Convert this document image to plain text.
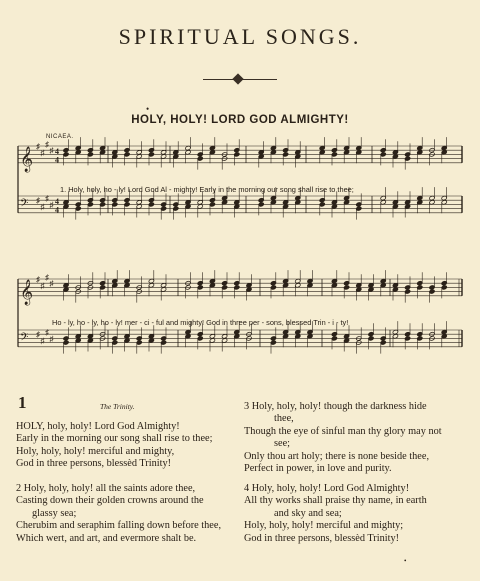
SPIRITUAL SONGS.
•
HOLY, HOLY! LORD GOD ALMIGHTY!
NICAEA.
𝄞
♯
♯
♯
♯ 4
4
𝄢 ♯
♯
♯
♯ 4
4
𝄞
♯
♯
♯
♯
𝄢 ♯
♯
♯
♯
1. Holy, holy, ho - ly! Lord God Al - mighty! Early in the morning our song shall rise to thee;
Ho - ly, ho - ly, ho - ly! mer - ci - ful and mighty! God in three per - sons, blessed Trin - i - ty!
1	The Trinity.
HOLY, holy, holy! Lord God Almighty!
Early in the morning our song shall rise to thee;
Holy, holy, holy! merciful and mighty,
God in three persons, blessèd Trinity!
2 Holy, holy, holy! all the saints adore thee,
Casting down their golden crowns around the
glassy sea;
Cherubim and seraphim falling down before thee,
Which wert, and art, and evermore shalt be.
3 Holy, holy, holy! though the darkness hide
thee,
Though the eye of sinful man thy glory may not
see;
Only thou art holy; there is none beside thee,
Perfect in power, in love and purity.
4 Holy, holy, holy! Lord God Almighty!
All thy works shall praise thy name, in earth
and sky and sea;
Holy, holy, holy! merciful and mighty;
God in three persons, blessèd Trinity!
•
